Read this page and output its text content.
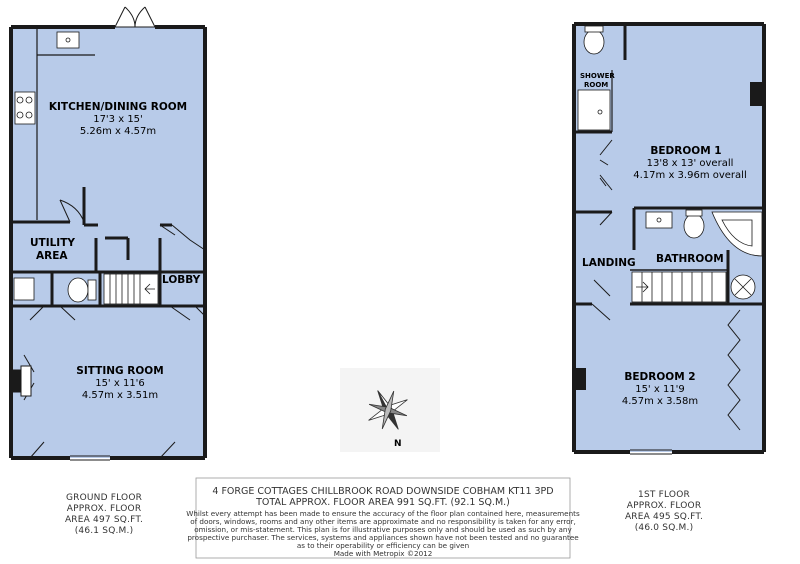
KITCHEN/DINING ROOM
17'3 x 15'
5.26m x 4.57m
UTILITY
AREA
LOBBY
SITTING ROOM
15' x 11'6
4.57m x 3.51m
SHOWER
ROOM
BEDROOM 1
13'8 x 13' overall
4.17m x 3.96m overall
LANDING BATHROOM
BEDROOM 2
15' x 11'9
4.57m x 3.58m
N
GROUND FLOOR
APPROX. FLOOR
AREA 497 SQ.FT.
(46.1 SQ.M.)
1ST FLOOR
APPROX. FLOOR
AREA 495 SQ.FT.
(46.0 SQ.M.)
4 FORGE COTTAGES CHILLBROOK ROAD DOWNSIDE COBHAM KT11 3PD
TOTAL APPROX. FLOOR AREA 991 SQ.FT. (92.1 SQ.M.)
Whilst every attempt has been made to ensure the accuracy of the floor plan contained here, measurements
of doors, windows, rooms and any other items are approximate and no responsibility is taken for any error,
omission, or mis-statement. This plan is for illustrative purposes only and should be used as such by any
prospective purchaser. The services, systems and appliances shown have not been tested and no guarantee
as to their operability or efficiency can be given
Made with Metropix ©2012
